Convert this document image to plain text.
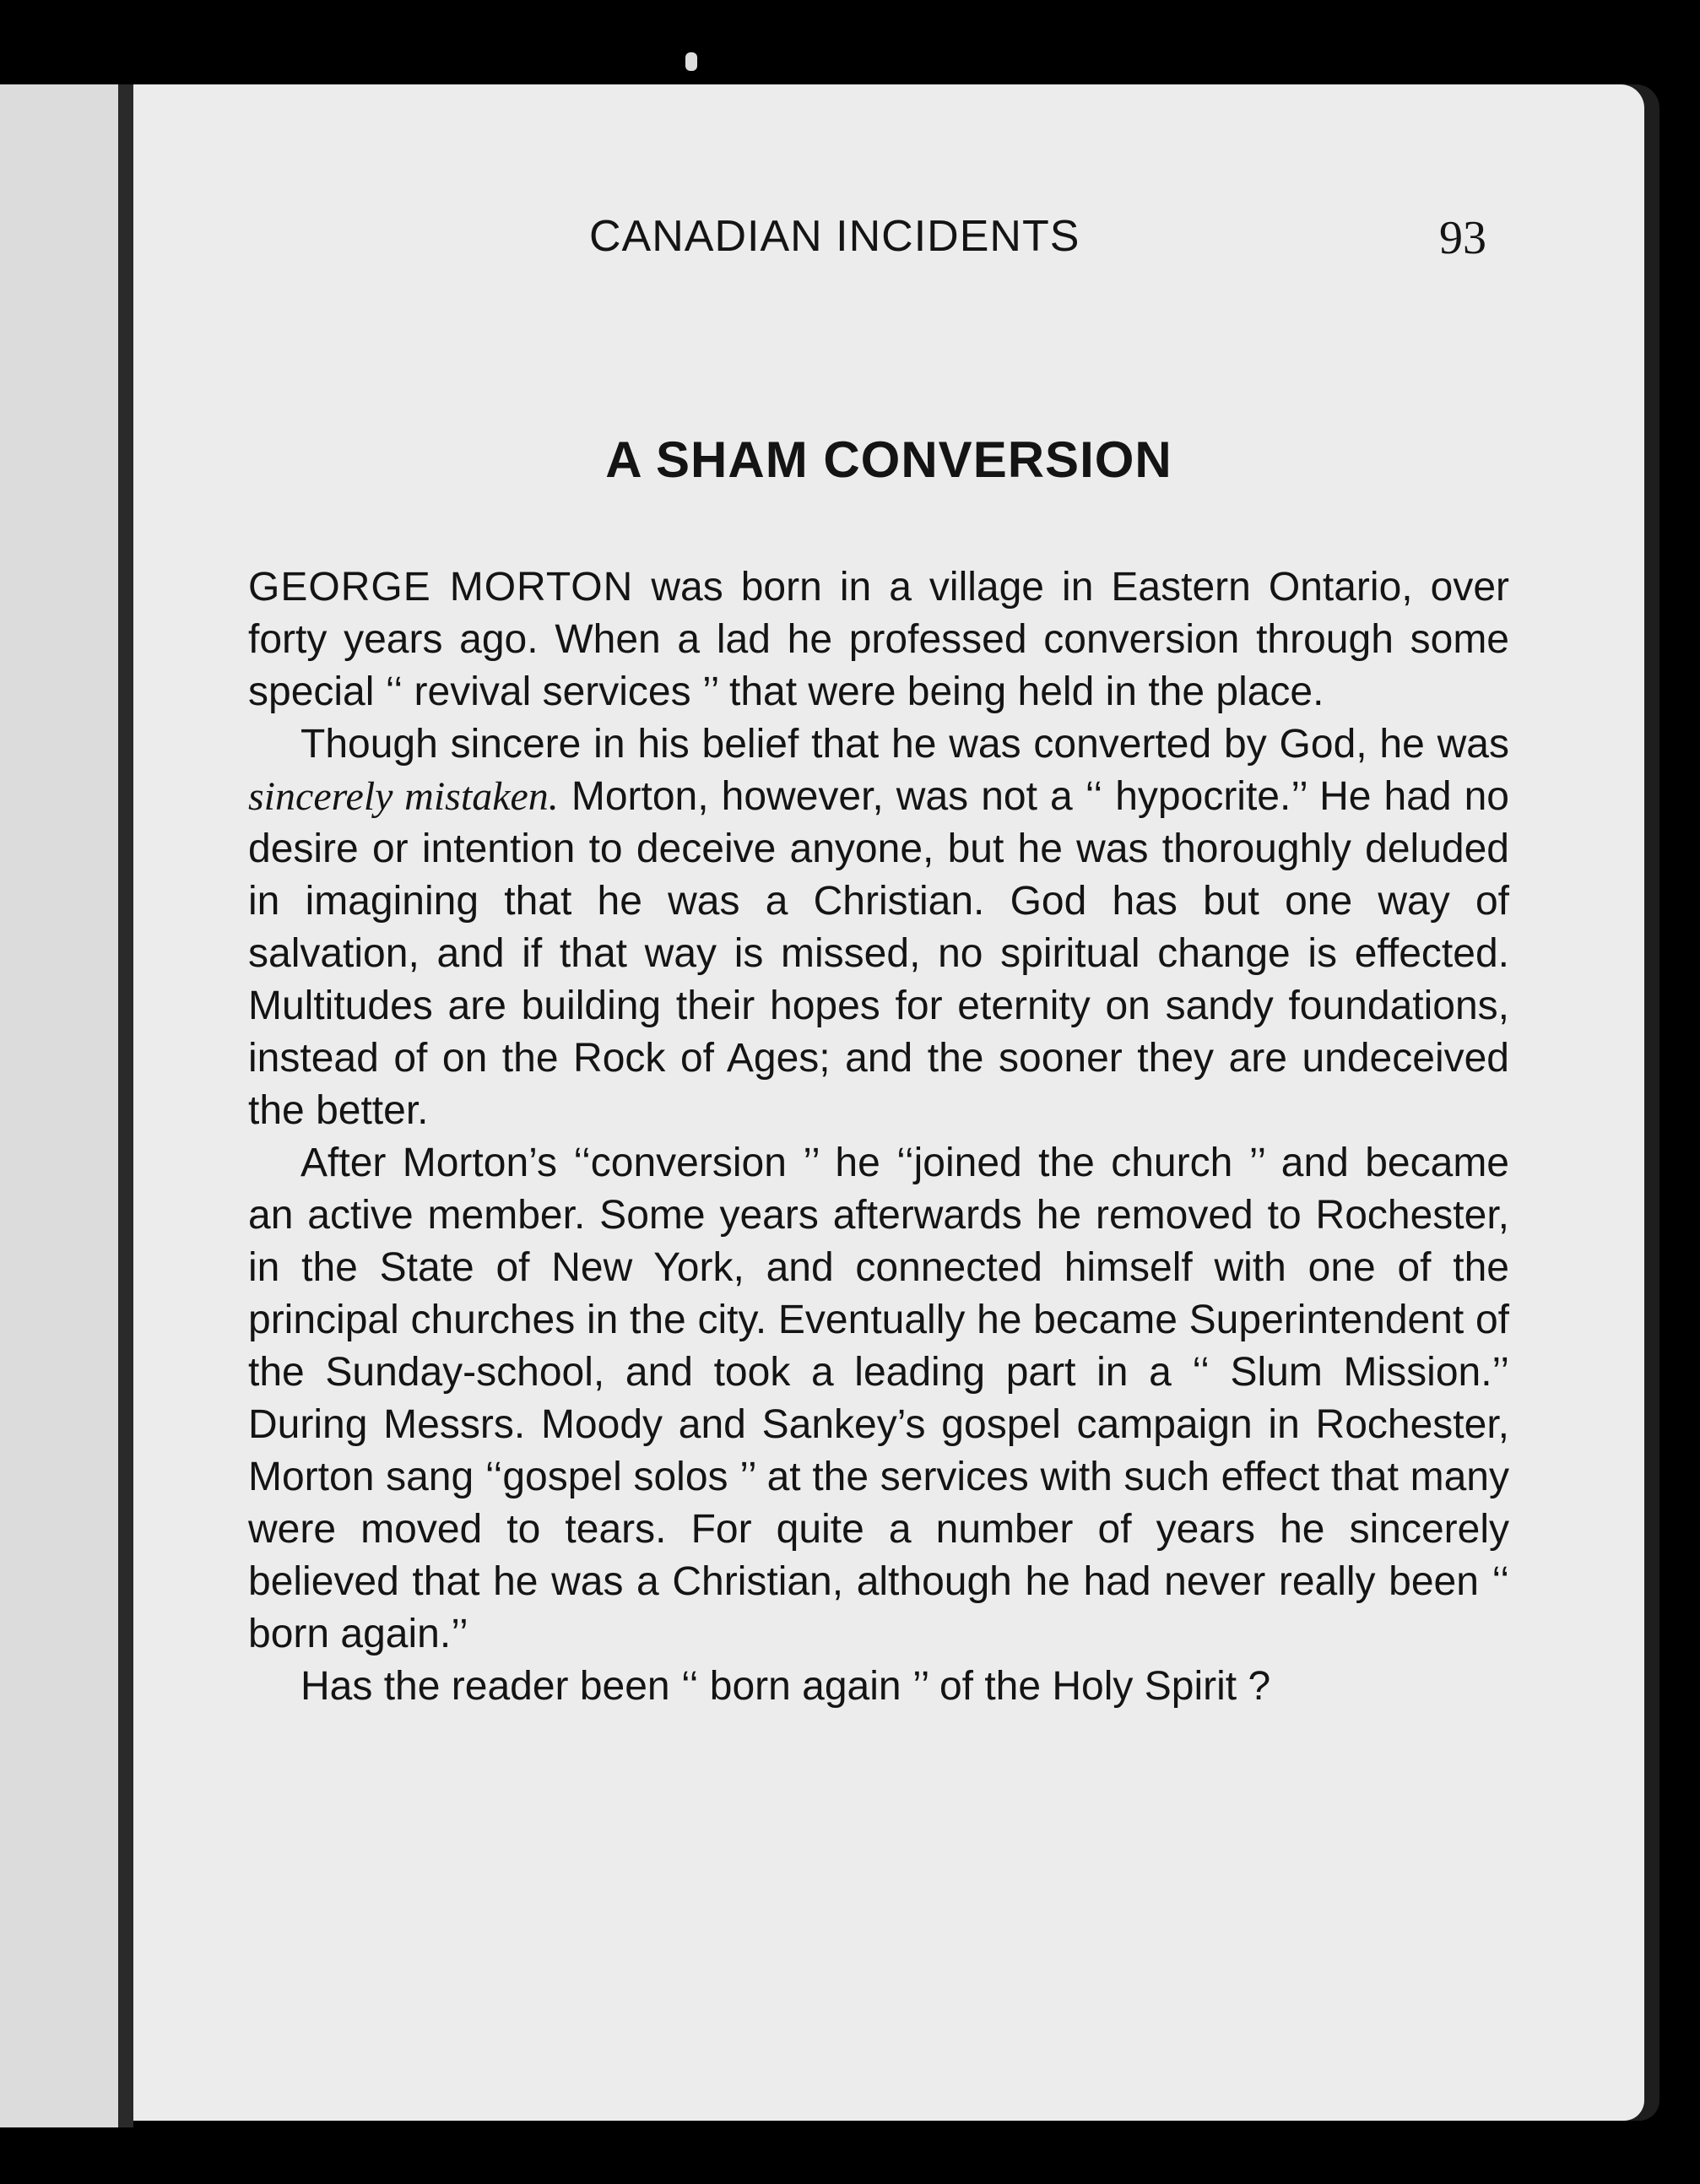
CANADIAN INCIDENTS	93
A SHAM CONVERSION

GEORGE MORTON was born in a village in Eastern Ontario, over forty years ago. When a lad he professed conversion through some special ‘‘ revival services ’’ that were being held in the place.

Though sincere in his belief that he was converted by God, he was sincerely mistaken. Morton, however, was not a ‘‘ hypocrite.’’ He had no desire or intention to deceive anyone, but he was thoroughly deluded in imagining that he was a Christian. God has but one way of salvation, and if that way is missed, no spiritual change is effected. Multitudes are building their hopes for eternity on sandy foundations, instead of on the Rock of Ages; and the sooner they are undeceived the better.

After Morton’s ‘‘conversion ’’ he ‘‘joined the church ’’ and became an active member. Some years afterwards he removed to Rochester, in the State of New York, and connected himself with one of the principal churches in the city. Eventually he became Superintendent of the Sunday-school, and took a leading part in a ‘‘ Slum Mission.’’ During Messrs. Moody and Sankey’s gospel campaign in Rochester, Morton sang ‘‘gospel solos ’’ at the services with such effect that many were moved to tears. For quite a number of years he sincerely believed that he was a Christian, although he had never really been ‘‘ born again.’’

Has the reader been ‘‘ born again ’’ of the Holy Spirit ?
